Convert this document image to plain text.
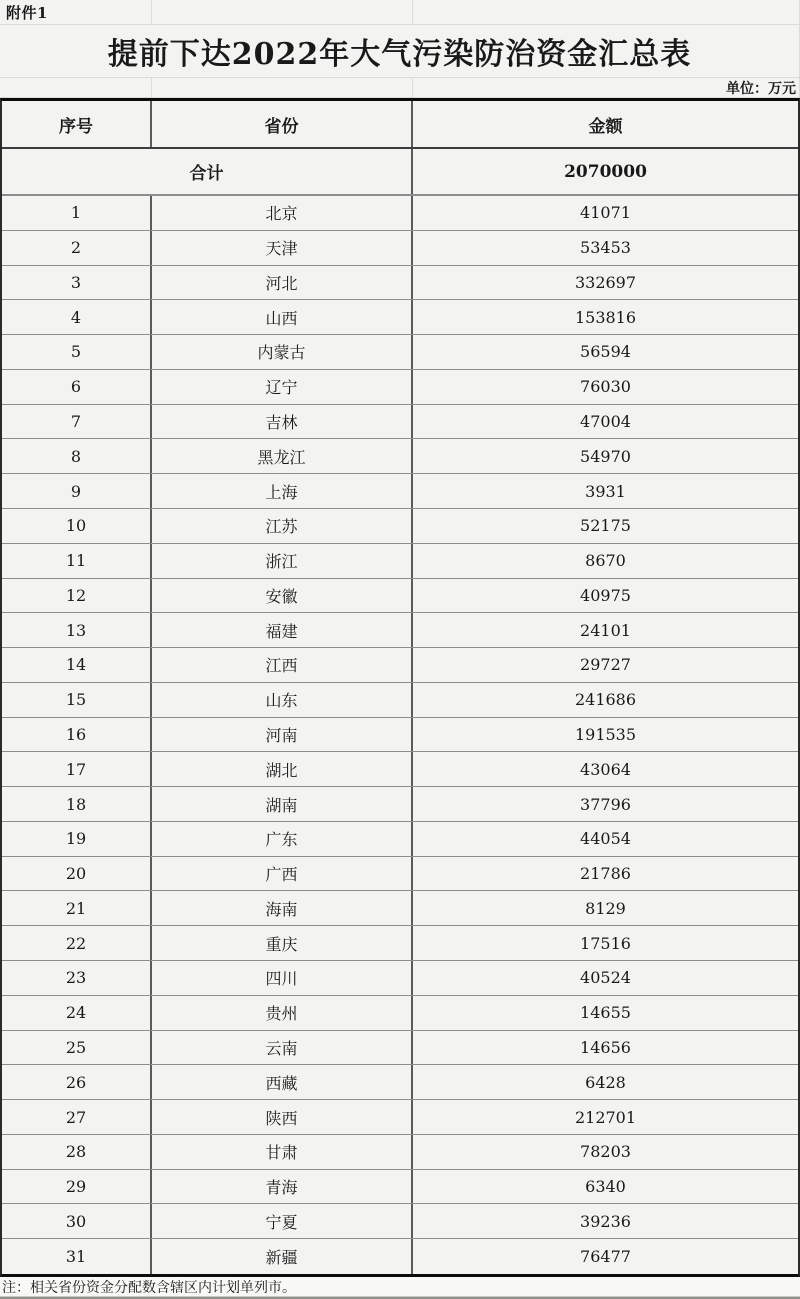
附件1
提前下达2022年大气污染防治资金汇总表
单位：万元
序号	省份	金额
合计	2070000
1	北京	41071
2	天津	53453
3	河北	332697
4	山西	153816
5	内蒙古	56594
6	辽宁	76030
7	吉林	47004
8	黑龙江	54970
9	上海	3931
10	江苏	52175
11	浙江	8670
12	安徽	40975
13	福建	24101
14	江西	29727
15	山东	241686
16	河南	191535
17	湖北	43064
18	湖南	37796
19	广东	44054
20	广西	21786
21	海南	8129
22	重庆	17516
23	四川	40524
24	贵州	14655
25	云南	14656
26	西藏	6428
27	陕西	212701
28	甘肃	78203
29	青海	6340
30	宁夏	39236
31	新疆	76477
注：相关省份资金分配数含辖区内计划单列市。
